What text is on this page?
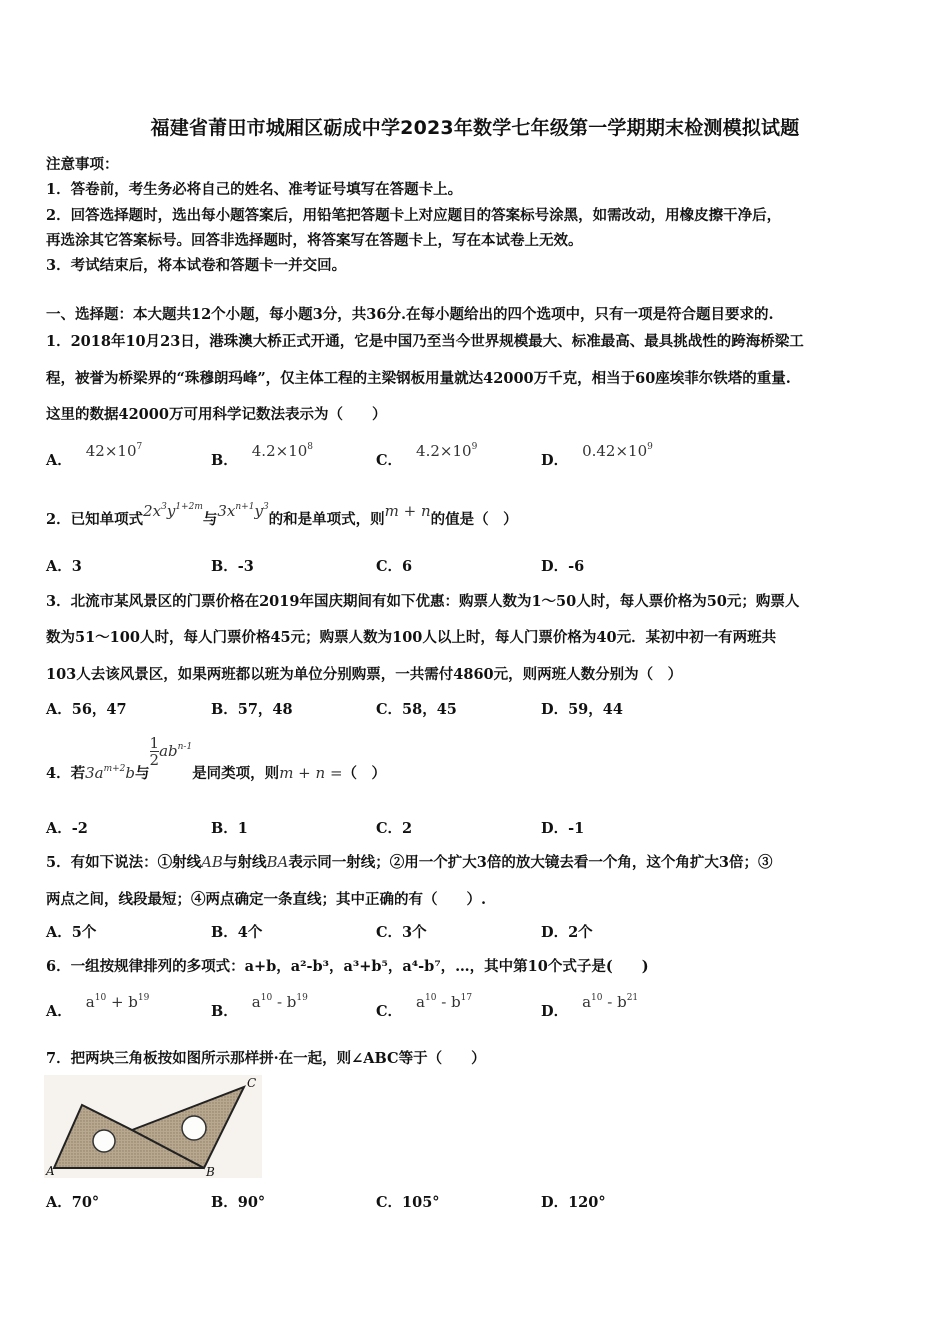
福建省莆田市城厢区砺成中学2023年数学七年级第一学期期末检测模拟试题
注意事项：
1．答卷前，考生务必将自己的姓名、准考证号填写在答题卡上。
2．回答选择题时，选出每小题答案后，用铅笔把答题卡上对应题目的答案标号涂黑，如需改动，用橡皮擦干净后，
再选涂其它答案标号。回答非选择题时，将答案写在答题卡上，写在本试卷上无效。
3．考试结束后，将本试卷和答题卡一并交回。
一、选择题：本大题共12个小题，每小题3分，共36分.在每小题给出的四个选项中，只有一项是符合题目要求的.
1．2018年10月23日，港珠澳大桥正式开通，它是中国乃至当今世界规模最大、标准最高、最具挑战性的跨海桥梁工
程，被誉为桥梁界的“珠穆朗玛峰”，仅主体工程的主梁钢板用量就达42000万千克，相当于60座埃菲尔铁塔的重量.
这里的数据42000万可用科学记数法表示为（　　）
A．$42\times 10^7$
B．$4.2\times 10^8$
C．$4.2\times 10^9$
D．$0.42\times 10^9$
2．已知单项式$2x^3y^{1+2m}$与$3x^{n+1}y^3$的和是单项式，则m + n的值是（　）
A．3	B．-3	C．6	D．-6
3．北流市某风景区的门票价格在2019年国庆期间有如下优惠：购票人数为1～50人时，每人票价格为50元；购票人
数为51～100人时，每人门票价格45元；购票人数为100人以上时，每人门票价格为40元．某初中初一有两班共
103人去该风景区，如果两班都以班为单位分别购票，一共需付4860元，则两班人数分别为（　）
A．56，47	B．57，48	C．58，45	D．59，44
4．若$3a^{m+2}b$与
$\frac{1}{2} ab^{n-1}$是同类项，则m + n =（　）
A．-2	B．1	C．2	D．-1
5．有如下说法：①射线AB与射线BA表示同一射线；②用一个扩大3倍的放大镜去看一个角，这个角扩大3倍；③
两点之间，线段最短；④两点确定一条直线；其中正确的有（　　）.
A．5个	B．4个	C．3个	D．2个
6．一组按规律排列的多项式：a+b，a²-b³，a³+b⁵，a⁴-b⁷，…，其中第10个式子是(　　)
A．$a^{10} + b^{19}$
B．$a^{10} - b^{19}$
C．$a^{10} - b^{17}$
D．$a^{10} - b^{21}$
7．把两块三角板按如图所示那样拼·在一起，则∠ABC等于（　　）
A	B
C
A．70°	B．90°	C．105°	D．120°
